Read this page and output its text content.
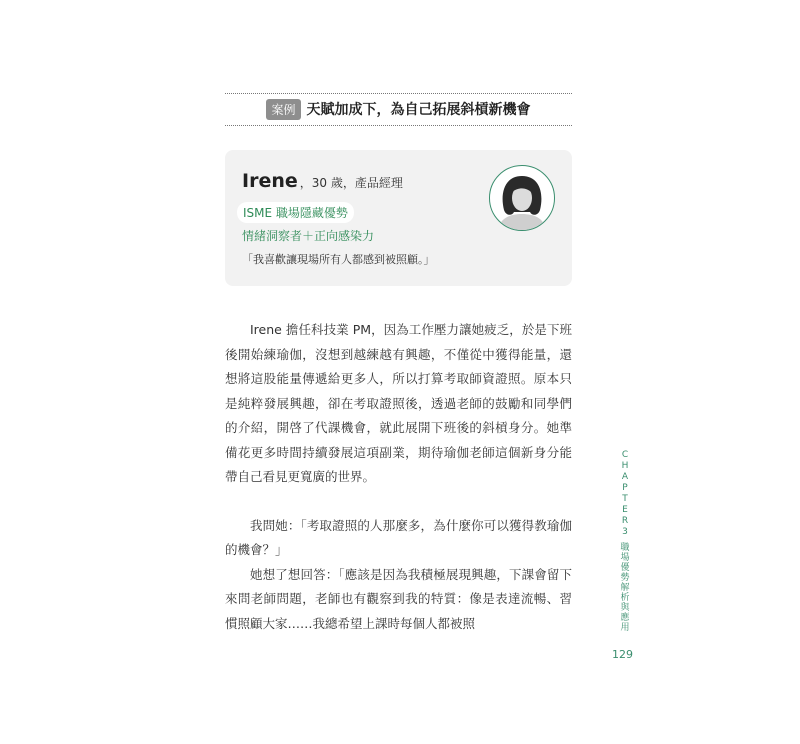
案例 天賦加成下，為自己拓展斜槓新機會
Irene ，30 歲，產品經理
ISME 職場隱藏優勢
情緒洞察者＋正向感染力
「我喜歡讓現場所有人都感到被照顧。」

Irene 擔任科技業 PM，因為工作壓力讓她疲乏，於是下班後開始練瑜伽，沒想到越練越有興趣，不僅從中獲得能量，還想將這股能量傳遞給更多人，所以打算考取師資證照。原本只是純粹發展興趣，卻在考取證照後，透過老師的鼓勵和同學們的介紹，開啓了代課機會，就此展開下班後的斜槓身分。她準備花更多時間持續發展這項副業，期待瑜伽老師這個新身分能帶自己看見更寬廣的世界。

我問她：「考取證照的人那麼多，為什麼你可以獲得教瑜伽的機會？」

她想了想回答：「應該是因為我積極展現興趣，下課會留下來問老師問題，老師也有觀察到我的特質：像是表達流暢、習慣照顧大家……我總希望上課時每個人都被照

C
H
A
P
T
E
R
3
職
場
優
勢
解
析
與
應
用
129
